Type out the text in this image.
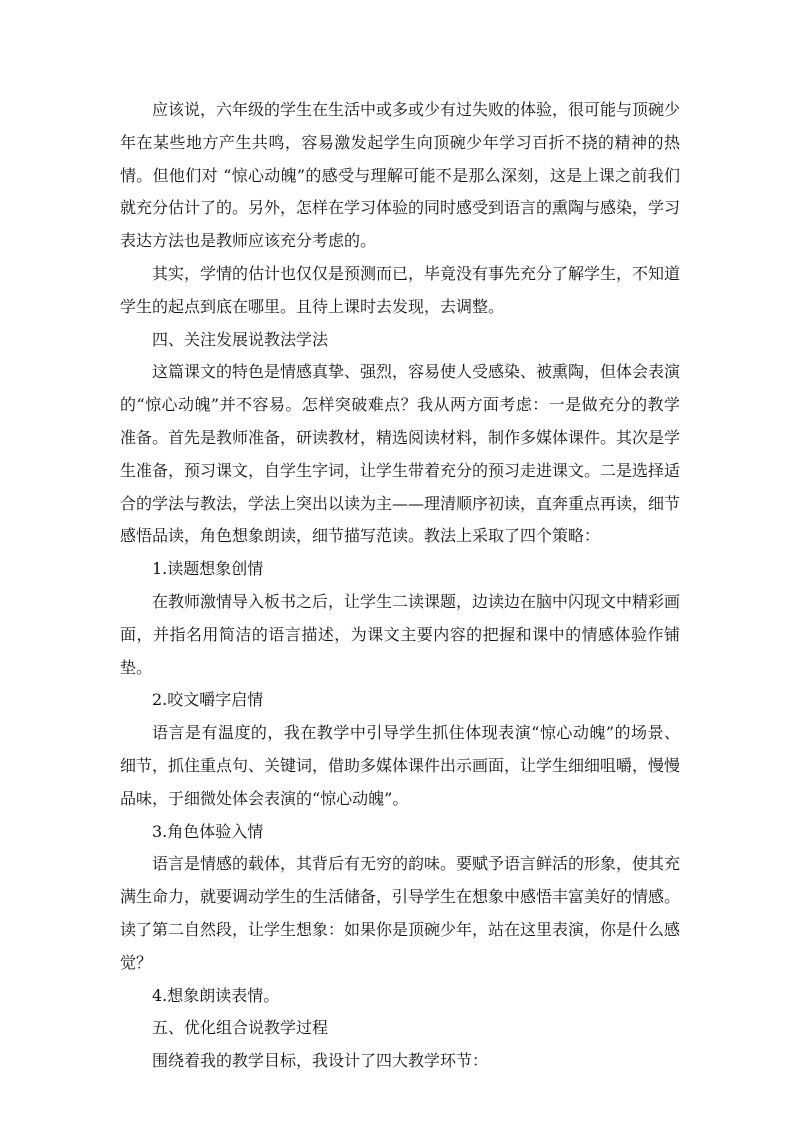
应该说，六年级的学生在生活中或多或少有过失败的体验，很可能与顶碗少年在某些地方产生共鸣，容易激发起学生向顶碗少年学习百折不挠的精神的热情。但他们对 “惊心动魄”的感受与理解可能不是那么深刻，这是上课之前我们就充分估计了的。另外，怎样在学习体验的同时感受到语言的熏陶与感染，学习表达方法也是教师应该充分考虑的。

其实，学情的估计也仅仅是预测而已，毕竟没有事先充分了解学生，不知道学生的起点到底在哪里。且待上课时去发现，去调整。

四、关注发展说教法学法

这篇课文的特色是情感真挚、强烈，容易使人受感染、被熏陶，但体会表演的“惊心动魄”并不容易。怎样突破难点？我从两方面考虑：一是做充分的教学准备。首先是教师准备，研读教材，精选阅读材料，制作多媒体课件。其次是学生准备，预习课文，自学生字词，让学生带着充分的预习走进课文。二是选择适合的学法与教法，学法上突出以读为主——理清顺序初读，直奔重点再读，细节感悟品读，角色想象朗读，细节描写范读。教法上采取了四个策略：

1.读题想象创情

在教师激情导入板书之后，让学生二读课题，边读边在脑中闪现文中精彩画面，并指名用简洁的语言描述，为课文主要内容的把握和课中的情感体验作铺垫。

2.咬文嚼字启情

语言是有温度的，我在教学中引导学生抓住体现表演“惊心动魄”的场景、细节，抓住重点句、关键词，借助多媒体课件出示画面，让学生细细咀嚼，慢慢品味，于细微处体会表演的“惊心动魄”。

3.角色体验入情

语言是情感的载体，其背后有无穷的韵味。要赋予语言鲜活的形象，使其充满生命力，就要调动学生的生活储备，引导学生在想象中感悟丰富美好的情感。读了第二自然段，让学生想象：如果你是顶碗少年，站在这里表演，你是什么感觉？

4.想象朗读表情。

五、优化组合说教学过程

围绕着我的教学目标，我设计了四大教学环节：
